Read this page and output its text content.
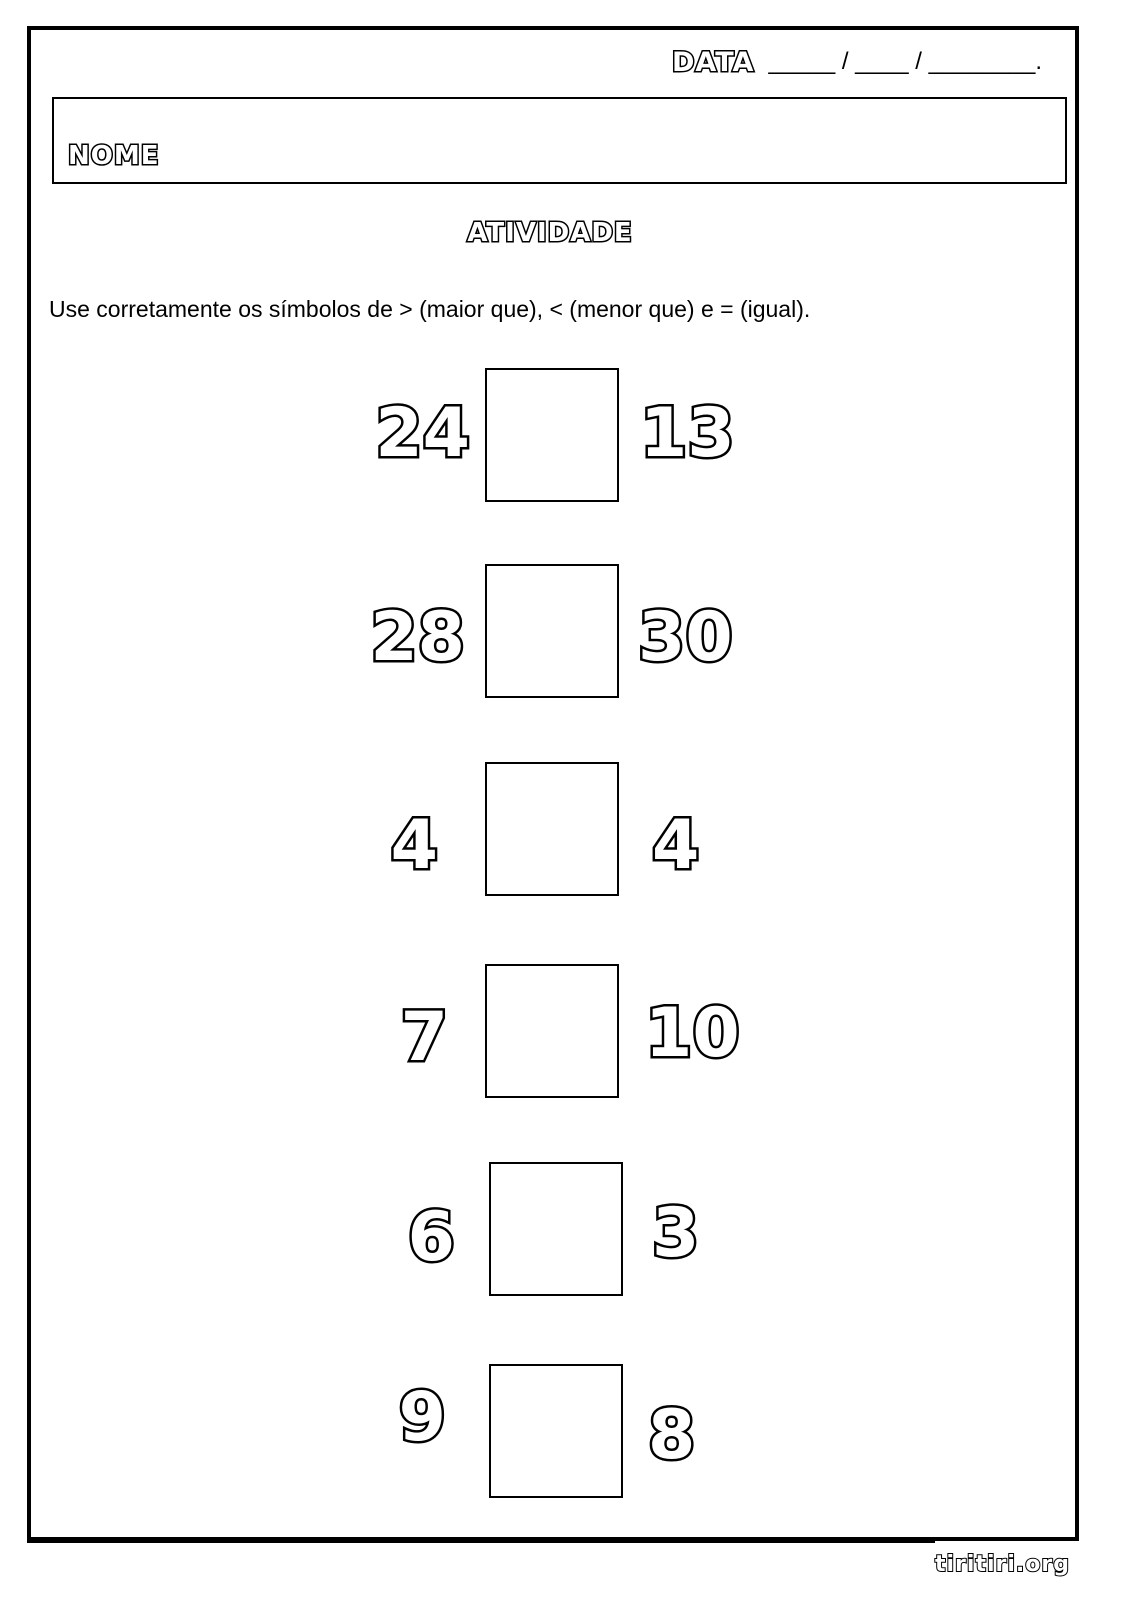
DATA _____ / ____ / ________.
NOME
ATIVIDADE
Use corretamente os símbolos de > (maior que), < (menor que) e = (igual).
24	13
28	30
4	4
7	10
6	3
9	8
tiritiri.org
